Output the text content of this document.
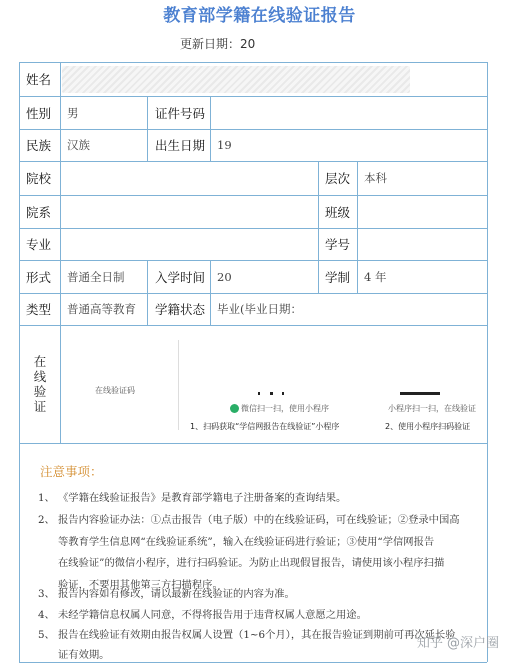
教育部学籍在线验证报告
更新日期：20
姓名
性别 男	证件号码
民族 汉族	出生日期 19
院校	层次 本科
院系	班级
专业	学号
形式 普通全日制 入学时间 20	学制 4 年
类型 普通高等教育 学籍状态 毕业(毕业日期：
在
线
验
证
在线验证码
微信扫一扫，使用小程序	小程序扫一扫，在线验证
1、扫码获取“学信网报告在线验证”小程序	2、使用小程序扫码验证
注意事项：
1、 《学籍在线验证报告》是教育部学籍电子注册备案的查询结果。
2、 报告内容验证办法：①点击报告（电子版）中的在线验证码，可在线验证；②登录中国高
等教育学生信息网“在线验证系统”，输入在线验证码进行验证；③使用“学信网报告
在线验证”的微信小程序，进行扫码验证。为防止出现假冒报告，请使用该小程序扫描
验证，不要用其他第三方扫描程序。
3、 报告内容如有修改，请以最新在线验证的内容为准。
4、 未经学籍信息权属人同意，不得将报告用于违背权属人意愿之用途。
5、 报告在线验证有效期由报告权属人设置（1~6个月），其在报告验证到期前可再次延长验
证有效期。
知乎 @深户圈
